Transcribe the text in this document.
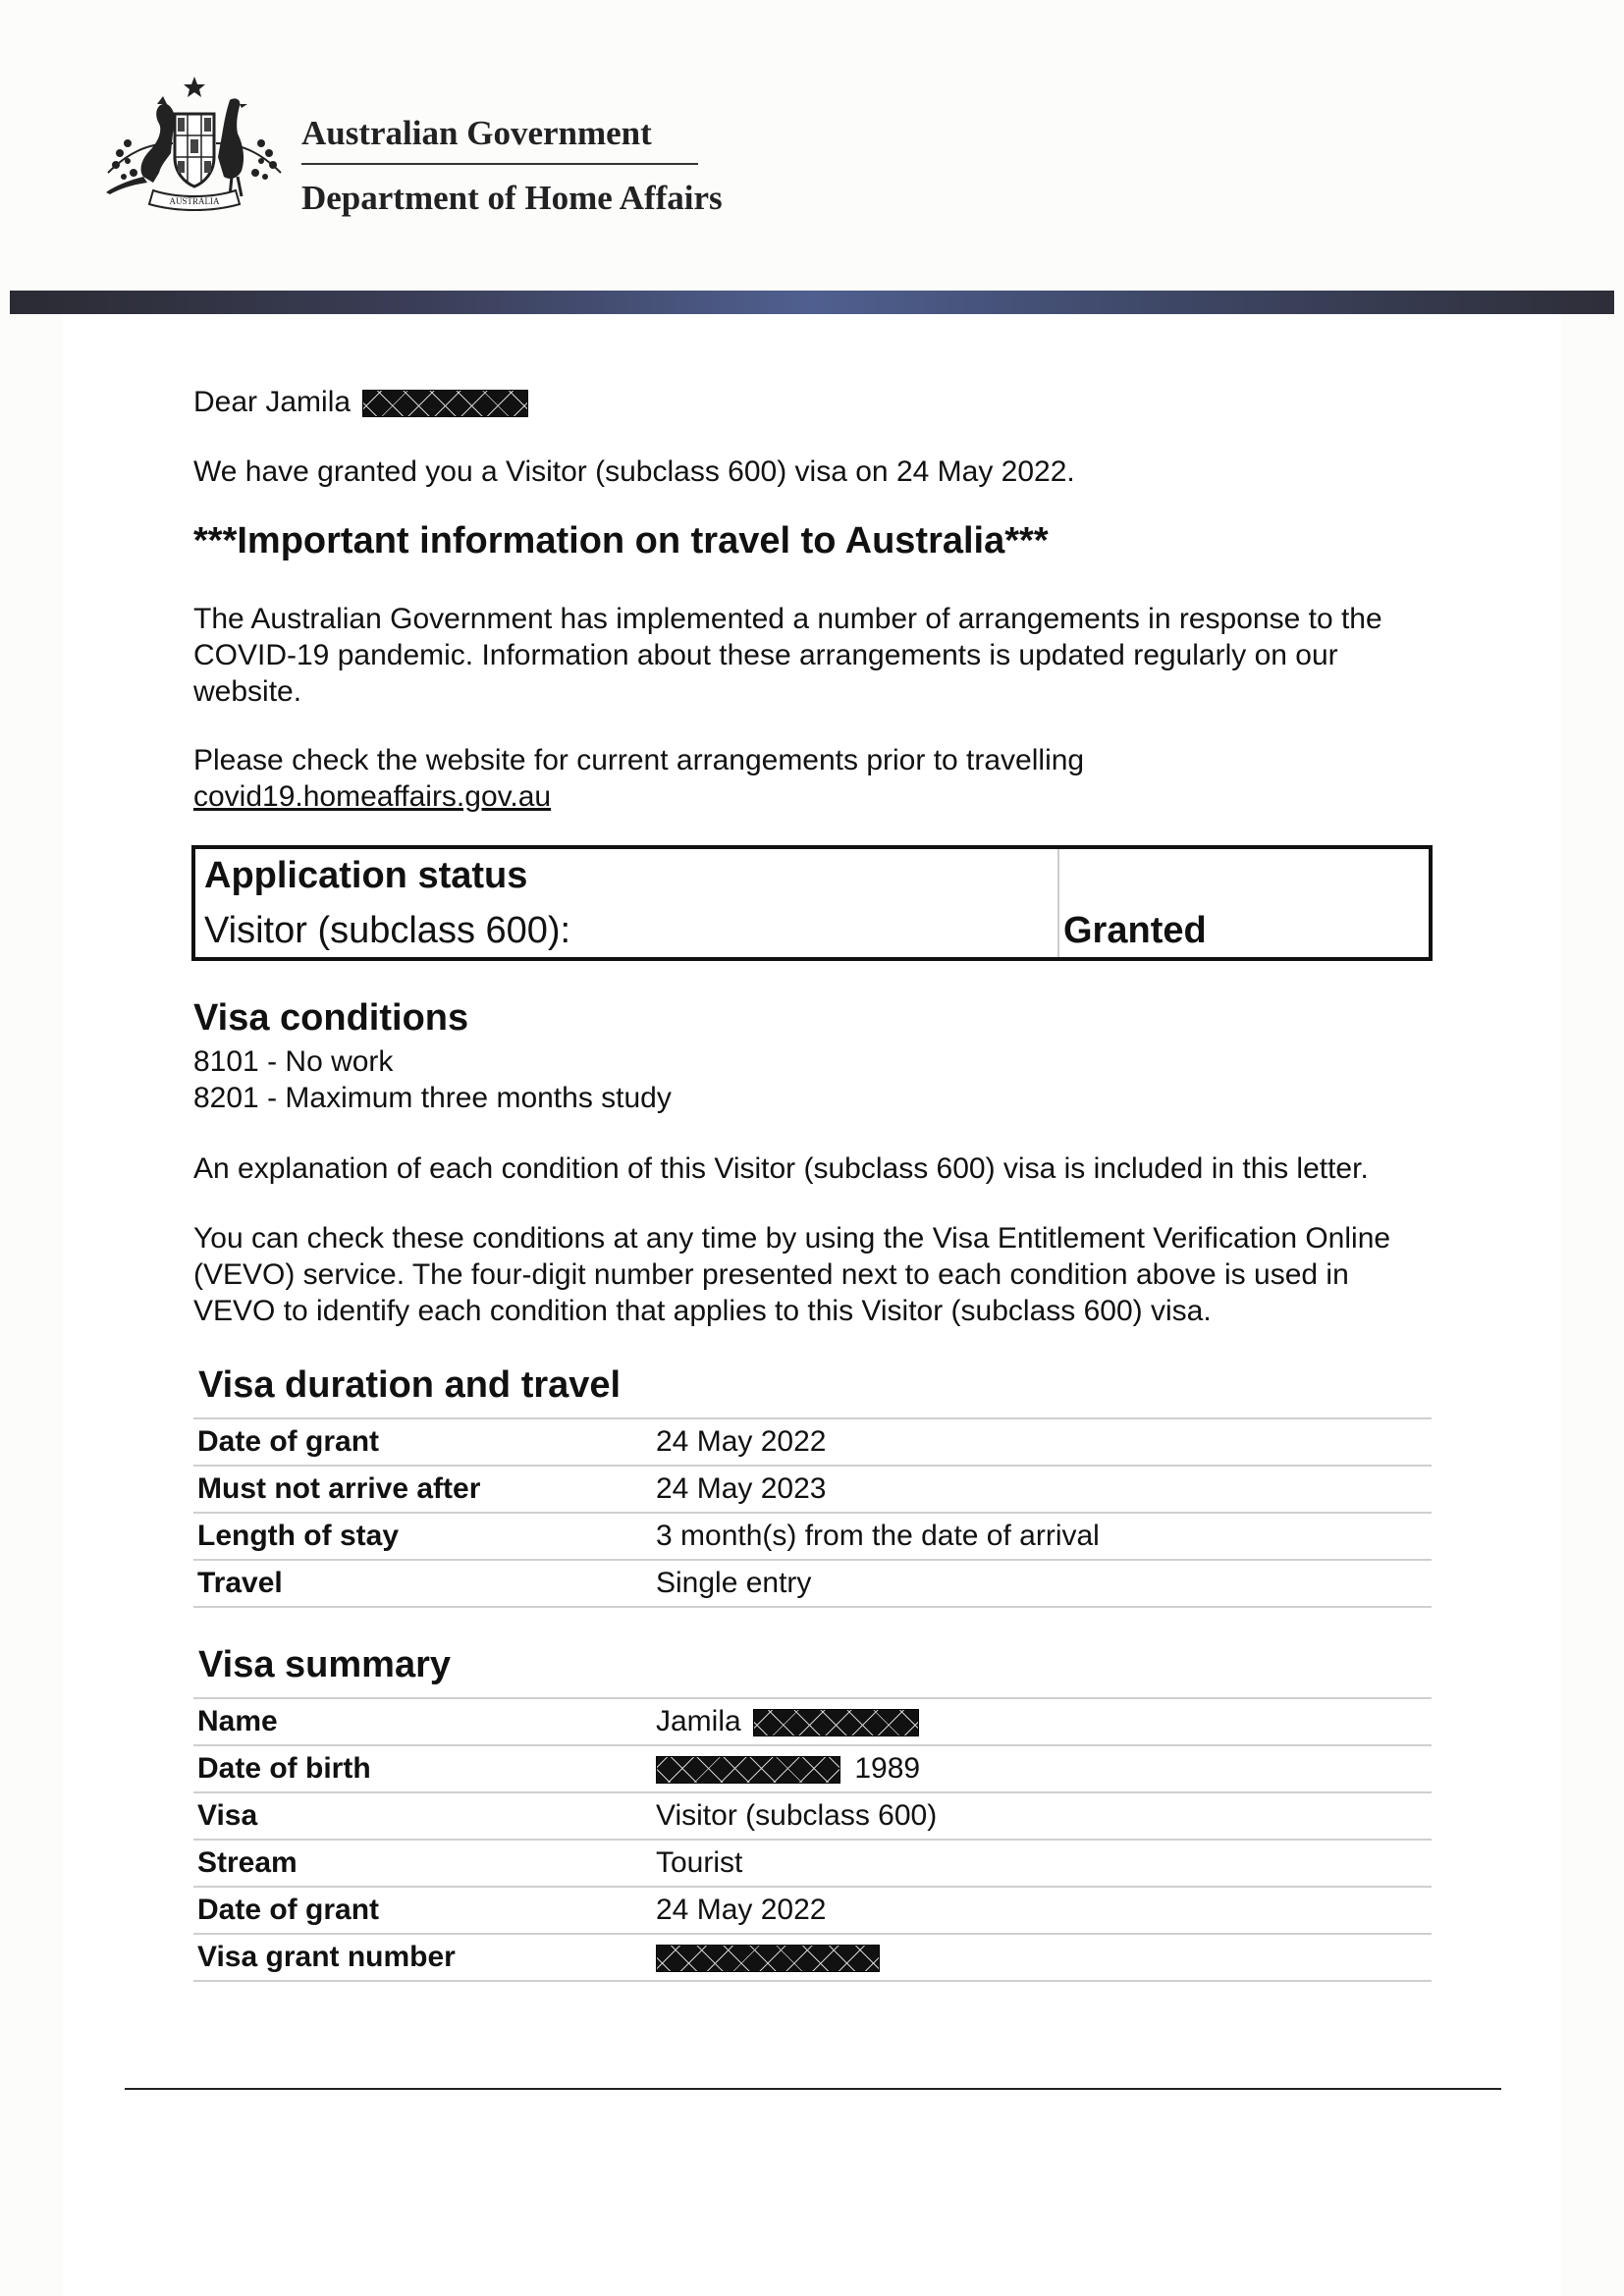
AUSTRALIA
Australian Government
Department of Home Affairs
Dear Jamila
We have granted you a Visitor (subclass 600) visa on 24 May 2022.
***Important information on travel to Australia***
The Australian Government has implemented a number of arrangements in response to the
COVID-19 pandemic. Information about these arrangements is updated regularly on our
website.
Please check the website for current arrangements prior to travelling
covid19.homeaffairs.gov.au
Application status
Visitor (subclass 600):	Granted
Visa conditions
8101 - No work
8201 - Maximum three months study
An explanation of each condition of this Visitor (subclass 600) visa is included in this letter.
You can check these conditions at any time by using the Visa Entitlement Verification Online
(VEVO) service. The four-digit number presented next to each condition above is used in
VEVO to identify each condition that applies to this Visitor (subclass 600) visa.
Visa duration and travel
Date of grant	24 May 2022
Must not arrive after	24 May 2023
Length of stay	3 month(s) from the date of arrival
Travel	Single entry
Visa summary
Name	Jamila
Date of birth	1989
Visa	Visitor (subclass 600)
Stream	Tourist
Date of grant	24 May 2022
Visa grant number
